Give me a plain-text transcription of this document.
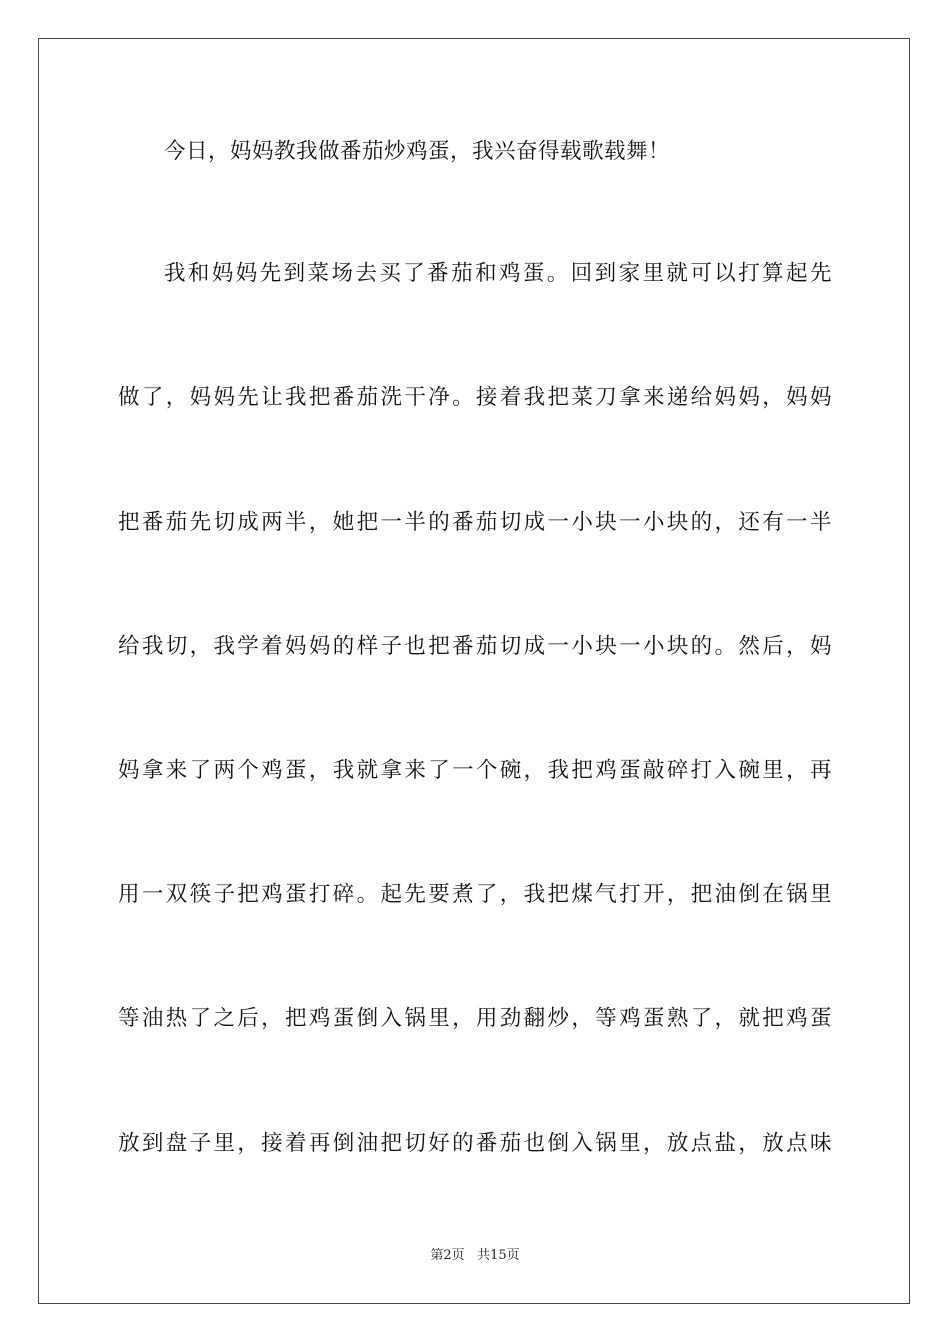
今日，妈妈教我做番茄炒鸡蛋，我兴奋得载歌载舞！
我和妈妈先到菜场去买了番茄和鸡蛋。回到家里就可以打算起先
做了，妈妈先让我把番茄洗干净。接着我把菜刀拿来递给妈妈，妈妈
把番茄先切成两半，她把一半的番茄切成一小块一小块的，还有一半
给我切，我学着妈妈的样子也把番茄切成一小块一小块的。然后，妈
妈拿来了两个鸡蛋，我就拿来了一个碗，我把鸡蛋敲碎打入碗里，再
用一双筷子把鸡蛋打碎。起先要煮了，我把煤气打开，把油倒在锅里
等油热了之后，把鸡蛋倒入锅里，用劲翻炒，等鸡蛋熟了，就把鸡蛋
放到盘子里，接着再倒油把切好的番茄也倒入锅里，放点盐，放点味
第2页 共15页
